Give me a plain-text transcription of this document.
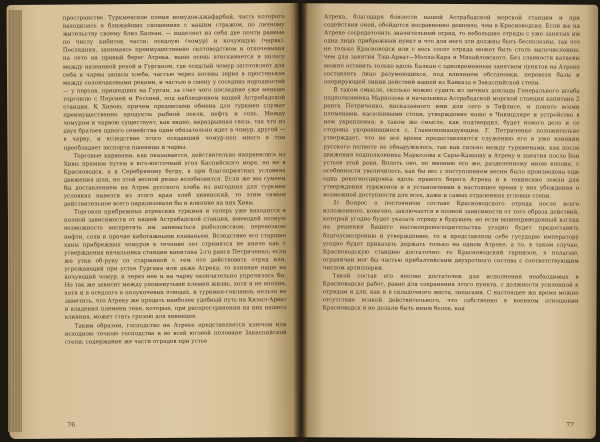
пространстве. Туркменское племя номудов-джафарбай, часть которого находилась в ближайших сношениях с нашим стражом, по личному жительству своему близ Балхан, — выделяет из себя две почти равные по числу кибиток части; оседлую (чомур) и кочующую (чарва). Последняя, занимаясь преимущественно скотоводством и откочевывая на лето на правый берег Атрека, ныне осень втискивается в полосу между названной рекой и Гурганом, где оседлый чомур заготовляет для себя и чарвы запасы хлеба, частью через посевы зерна в простенькое между солончаковыми реками, и частью в смену у соседних народностей — у персов, пришедших на Гурган, за счет чего последние уже меньше торговлю с Персией и Россией, под наблюдением нашей Астрабадской станции. К Хивою; причем предметами обмена для туркмен служат преимущественно продукты рыбной ловли, нефть и соль. Между чомуром и чарвою существует, как видно, неразрывная связь, так что из двух братьев одного семейства один обязательно идет в чомур, другой — в чарву, и вследствие этого оседавший чомур-поп много в том преобладает экспорта пшеницы и чарвы.

Торговые караваны, как оказывается, действительно направились из Хивы прямым путем в юго-восточный угол Каспийского моря, но не в Красноводск, а к Серебряному бугру, в при благоприятных условиях движения шли, но этой весной резко возобновится. Если же мы сумеем бы доставлением на Атрек русского хлеба из выгодных для туркмен условиях вывезти из этого края хлеб хивинский, то этим самым действительное всего парализовали бы и влияние на них Хивы.

Торговля прибрежных атрекских туркмен и теперь уже находится в полной зависимости от нашей Астрабадской станции, имеющей полную возможность воспретить им заниматься рыболовством, перевозкою нефти, соли и прочие каботажными плаваньем. Вследствие его старшие ханы прибрежных чомуров в течение лет стремятся не иначе как с утверждения начальника станции капитана 2-го ранга Петриченко; если же утка об-руку со старшиной с тем что действовать отряд или, угрожающий при устье Гургана или даже Атрека, то влияние наше на кочующий чомур, а через нее и на чарву окончательно упрочилось бы. Но так же зависит между упомянутыми племен жизнь, хотя и не вполне, хотя и в оседлого в полукочевых отводах, и туркмен-гокланов, нельзя не заметить, что Атреку же продать наиболее удобный путь на Кизыл-Арват и владения племени теке, которые, при распространении на них нашего влияния, может стать грозою для хивинцев.

Таким образом, господство на Атреке представляется ключом или исходною точкою господства и во всей юговой половине Закаспийской степи; содержание же части отрядов при устье

76

Атрека, благодаря близости нашей Астрабадской морской станции и при содействии оной, обойдется несравненно дешевле, чем в Красноводске. Если же на Атреке сосредоточить значительный отряд, то небольшие отряды с уже занятых им одна лишь прибрежный пункт и что для него эти должны быть бесполезны, так что не только Красноводск или с весь сосет отряда может быть столь малочисленны, чем для занятия Тэш-Арват—Молла-Кара и Михайловского. Без славности катаевы можно оставить только вдоль Балкан с одновременным занятием пунктов на Атреке составлять лицо разумеющихся, под влиянием обстановки, перевезя базы и оперирующей линии действий нашей из Кавказа в Закаспийской степи.

В таком смысле, сколько можно судить из личных доклада Генерального штаба подполковника Маркозова и начальника Астрабадской морской станции капитана 2 ранга Петриченко, высказанного ими для сего в Тифлисе, и понято всеми племенами, населенными степи, утверждение наше в Чикишляре и устройство в нем укрепления; в таком же смысле, как подтвердил, будет нового дело и со стороны укоренившиеся с. Главнокомандующим. Г. Петриченко положительно утверждает, что не все время предоставляются служению его в уже влиянии русского полноте не обнаружилось, так как сильно между туркменами, как после движения подполковника Маркозова к Сары-Камышу и Атреку и занятия после Бон устьев этой реки. Вплоть оно, по мнению его же, разделенному мною вполне, с особенности увеличилось, как бы вес с поступлением весны было произведена еще одна рекогносцировка вдоль правого берега Атрека и в текинские земли для утверждения туркменов и в установлении в настоящее время у них убеждения о возможной доступности для всех, даже и самых отдаленных угловых степи.

3) Вопрос о постоянном составе Красноводского отряда после всего изложенного, конечно, заключается в полной зависимости от того образа действий, который угодно будет указать отряду в будущем; но если вышеприведенный взгляд на решения Вашего высокопревосходительства угодно будет предоставить благоусмотрению и утверждению, то и представляли себе гусударю императору угодно будет приказать держать только на одном Атреке, а то, в таком случае, Красноводскую станцию достаточно: то Красноводский гарнизон, я полагаю, ограничен мог бы частью прибалтийским двухротного состава с соответствующим числом артиллерии.

Такой состав его вполне достаточен для исполнения необходимых в Красноводске работ, равно для сохранения этого пункта, с должности усиленной к отрядам и для, как и в складочного места, запасами. С настоящее же время можно отсутствие всякой действительного, что собственно в военном отношении Красноводск и не делали быть иным более, как

77
